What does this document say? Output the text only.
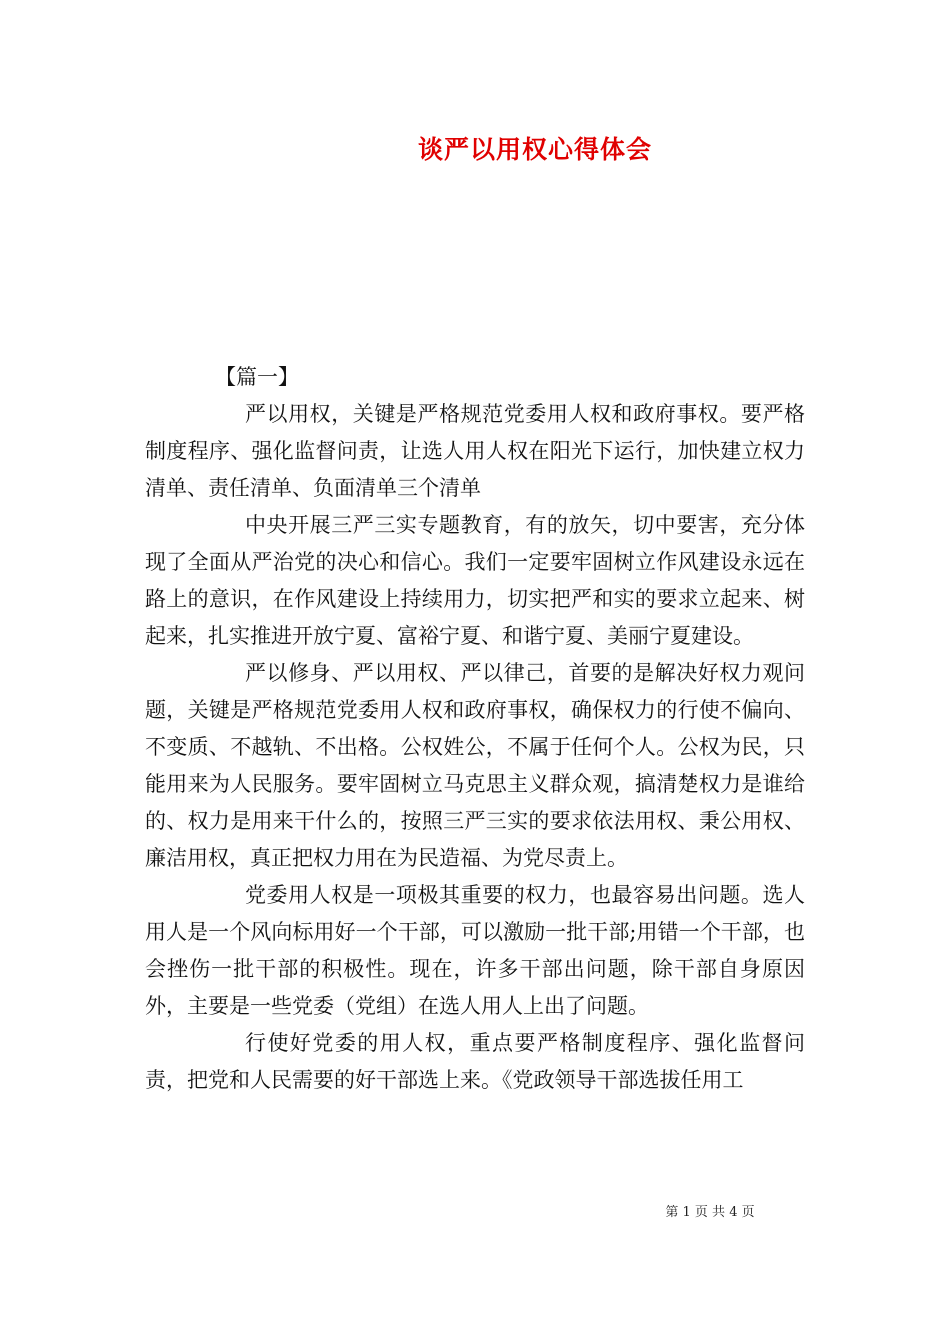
谈严以用权心得体会

【篇一】

严以用权，关键是严格规范党委用人权和政府事权。要严格制度程序、强化监督问责，让选人用人权在阳光下运行，加快建立权力清单、责任清单、负面清单三个清单

中央开展三严三实专题教育，有的放矢，切中要害，充分体现了全面从严治党的决心和信心。我们一定要牢固树立作风建设永远在路上的意识，在作风建设上持续用力，切实把严和实的要求立起来、树起来，扎实推进开放宁夏、富裕宁夏、和谐宁夏、美丽宁夏建设。

严以修身、严以用权、严以律己，首要的是解决好权力观问题，关键是严格规范党委用人权和政府事权，确保权力的行使不偏向、不变质、不越轨、不出格。公权姓公，不属于任何个人。公权为民，只能用来为人民服务。要牢固树立马克思主义群众观，搞清楚权力是谁给的、权力是用来干什么的，按照三严三实的要求依法用权、秉公用权、廉洁用权，真正把权力用在为民造福、为党尽责上。

党委用人权是一项极其重要的权力，也最容易出问题。选人用人是一个风向标用好一个干部，可以激励一批干部;用错一个干部，也会挫伤一批干部的积极性。现在，许多干部出问题，除干部自身原因外，主要是一些党委（党组）在选人用人上出了问题。

行使好党委的用人权，重点要严格制度程序、强化监督问责，把党和人民需要的好干部选上来。《党政领导干部选拔任用工

第 1 页 共 4 页
